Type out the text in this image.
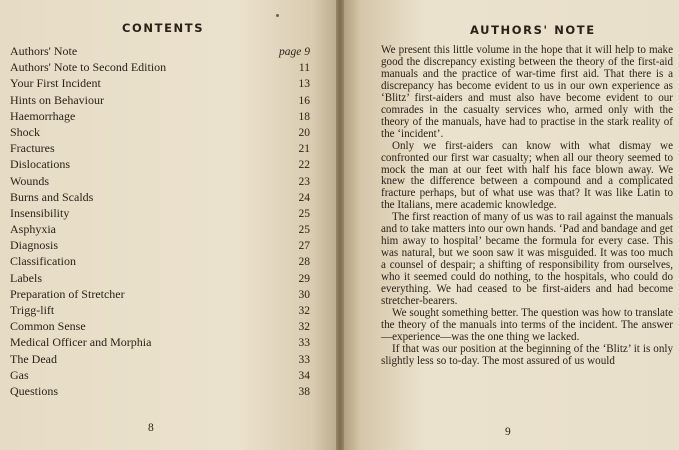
CONTENTS
Authors' Note	page 9
Authors' Note to Second Edition	11
Your First Incident	13
Hints on Behaviour	16
Haemorrhage	18
Shock	20
Fractures	21
Dislocations	22
Wounds	23
Burns and Scalds	24
Insensibility	25
Asphyxia	25
Diagnosis	27
Classification	28
Labels	29
Preparation of Stretcher	30
Trigg-lift	32
Common Sense	32
Medical Officer and Morphia	33
The Dead	33
Gas	34
Questions	38
8
AUTHORS' NOTE

We present this little volume in the hope that it will help to make good the discrepancy existing between the theory of the first-aid manuals and the practice of war-time first aid. That there is a discrepancy has become evident to us in our own experience as ‘Blitz’ first-aiders and must also have become evident to our comrades in the casualty services who, armed only with the theory of the manuals, have had to practise in the stark reality of the ‘incident’.

Only we first-aiders can know with what dismay we confronted our first war casualty; when all our theory seemed to mock the man at our feet with half his face blown away. We knew the difference between a compound and a complicated fracture perhaps, but of what use was that? It was like Latin to the Italians, mere academic knowledge.

The first reaction of many of us was to rail against the manuals and to take matters into our own hands. ‘Pad and bandage and get him away to hospital’ became the formula for every case. This was natural, but we soon saw it was misguided. It was too much a counsel of despair; a shifting of responsibility from ourselves, who it seemed could do nothing, to the hospitals, who could do everything. We had ceased to be first-aiders and had become stretcher-bearers.

We sought something better. The question was how to translate the theory of the manuals into terms of the incident. The answer—experience—was the one thing we lacked.

If that was our position at the beginning of the ‘Blitz’ it is only slightly less so to-day. The most assured of us would

9
